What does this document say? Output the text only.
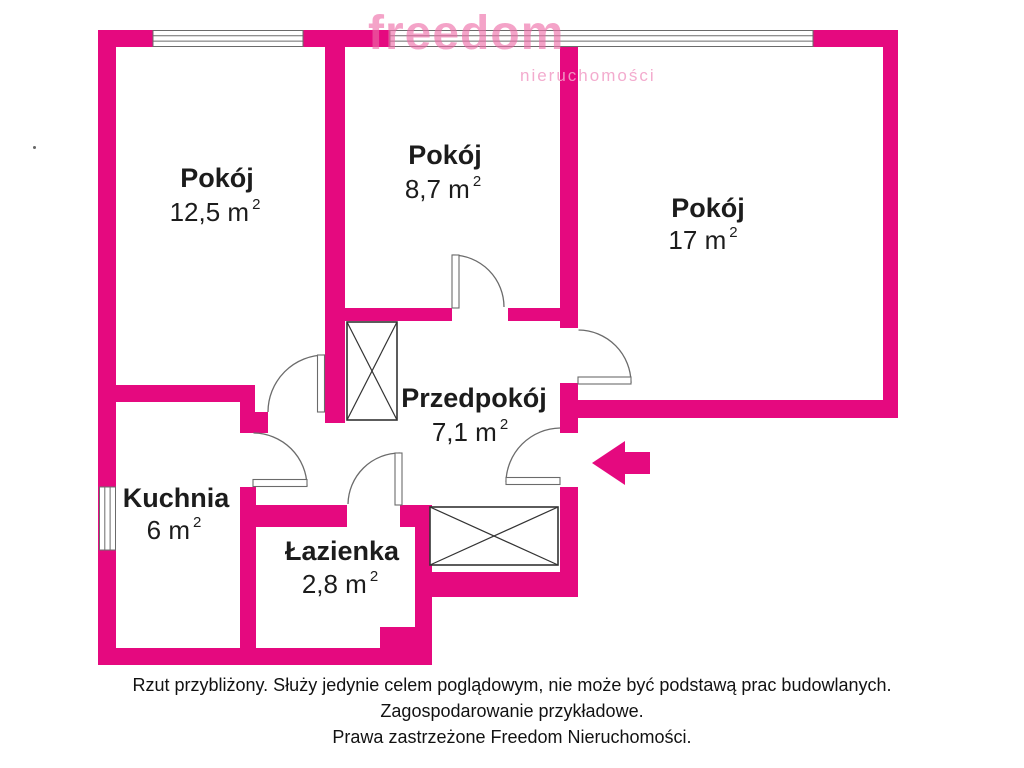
freedom
nieruchomości
Pokój
12,5 m $^2$
Pokój
8,7 m $^2$
Pokój
17 m $^2$
Przedpokój
7,1 m $^2$
Kuchnia
6 m $^2$
Łazienka
2,8 m $^2$
Rzut przybliżony. Służy jedynie celem poglądowym, nie może być podstawą prac budowlanych.
Zagospodarowanie przykładowe.
Prawa zastrzeżone Freedom Nieruchomości.
